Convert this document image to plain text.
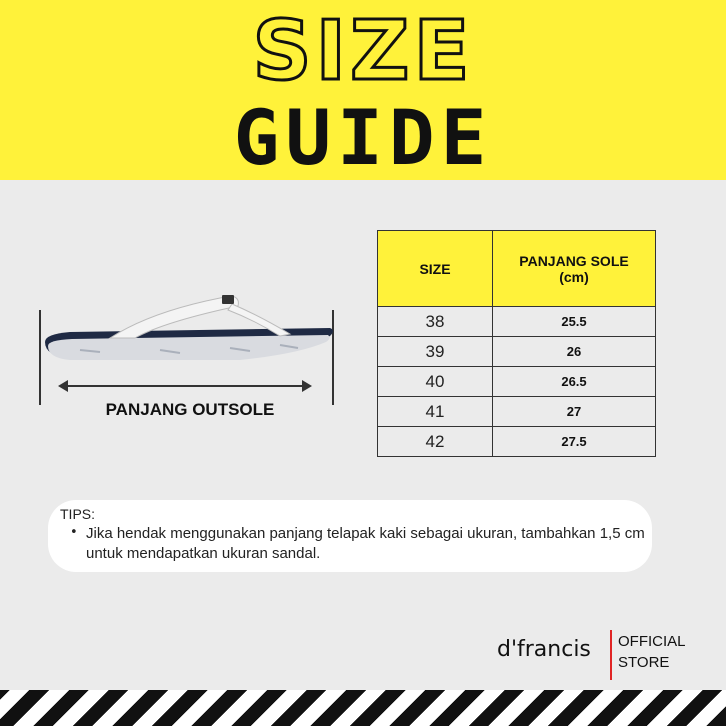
SIZE
GUIDE
PANJANG OUTSOLE
SIZE	PANJANG SOLE
(cm)
38	25.5
39	26
40	26.5
41	27
42	27.5
TIPS:
• Jika hendak menggunakan panjang telapak kaki sebagai ukuran, tambahkan 1,5 cm untuk mendapatkan ukuran sandal.
d'francis OFFICIAL
STORE
